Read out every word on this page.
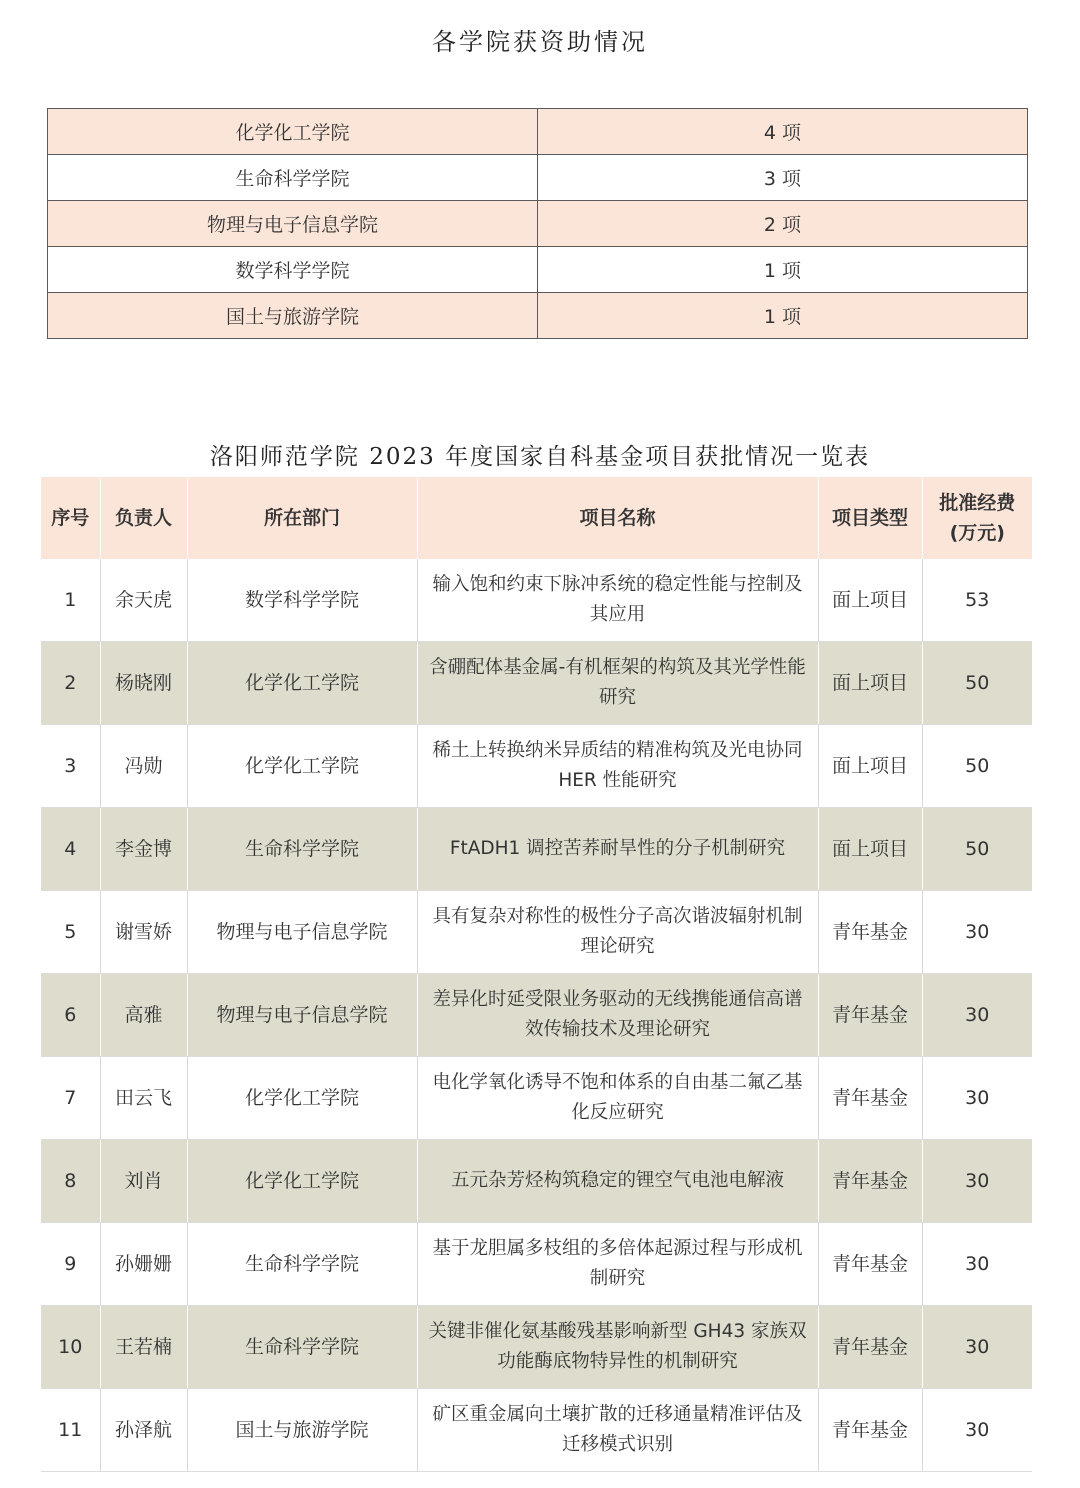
各学院获资助情况
化学化工学院	4 项
生命科学学院	3 项
物理与电子信息学院	2 项
数学科学学院	1 项
国土与旅游学院	1 项
洛阳师范学院 2023 年度国家自科基金项目获批情况一览表
序号	负责人	所在部门	项目名称	项目类型	批准经费
(万元)

1	余天虎	数学科学学院	输入饱和约束下脉冲系统的稳定性能与控制及其应用	面上项目	53
2	杨晓刚	化学化工学院	含硼配体基金属-有机框架的构筑及其光学性能研究	面上项目	50
3	冯勋	化学化工学院	稀土上转换纳米异质结的精准构筑及光电协同 HER 性能研究	面上项目	50
4	李金博	生命科学学院	FtADH1 调控苦荞耐旱性的分子机制研究	面上项目	50
5	谢雪娇	物理与电子信息学院	具有复杂对称性的极性分子高次谐波辐射机制理论研究	青年基金	30
6	高雅	物理与电子信息学院	差异化时延受限业务驱动的无线携能通信高谱效传输技术及理论研究	青年基金	30
7	田云飞	化学化工学院	电化学氧化诱导不饱和体系的自由基二氟乙基化反应研究	青年基金	30
8	刘肖	化学化工学院	五元杂芳烃构筑稳定的锂空气电池电解液	青年基金	30
9	孙姗姗	生命科学学院	基于龙胆属多枝组的多倍体起源过程与形成机制研究	青年基金	30
10	王若楠	生命科学学院	关键非催化氨基酸残基影响新型 GH43 家族双功能酶底物特异性的机制研究	青年基金	30
11	孙泽航	国土与旅游学院	矿区重金属向土壤扩散的迁移通量精准评估及迁移模式识别	青年基金	30
